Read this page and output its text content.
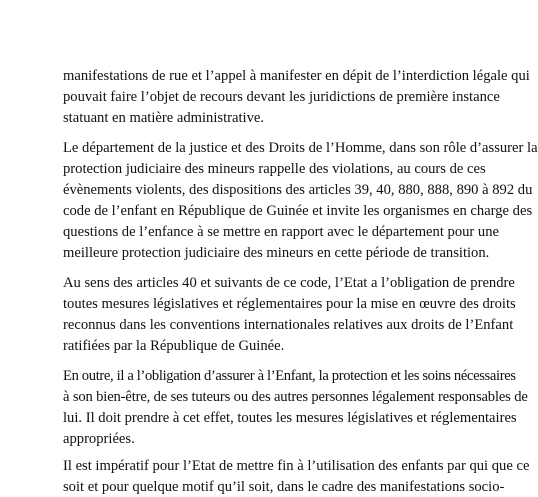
manifestations de rue et l’appel à manifester en dépit de l’interdiction légale qui

pouvait faire l’objet de recours devant les juridictions de première instance

statuant en matière administrative.

Le département de la justice et des Droits de l’Homme, dans son rôle d’assurer la

protection judiciaire des mineurs rappelle des violations, au cours de ces

évènements violents, des dispositions des articles 39, 40, 880, 888, 890 à 892 du

code de l’enfant en République de Guinée et invite les organismes en charge des

questions de l’enfance à se mettre en rapport avec le département pour une

meilleure protection judiciaire des mineurs en cette période de transition.

Au sens des articles 40 et suivants de ce code, l’Etat a l’obligation de prendre

toutes mesures législatives et réglementaires pour la mise en œuvre des droits

reconnus dans les conventions internationales relatives aux droits de l’Enfant

ratifiées par la République de Guinée.

En outre, il a l’obligation d’assurer à l’Enfant, la protection et les soins nécessaires

à son bien-être, de ses tuteurs ou des autres personnes légalement responsables de

lui. Il doit prendre à cet effet, toutes les mesures législatives et réglementaires

appropriées.

Il est impératif pour l’Etat de mettre fin à l’utilisation des enfants par qui que ce

soit et pour quelque motif qu’il soit, dans le cadre des manifestations socio-
